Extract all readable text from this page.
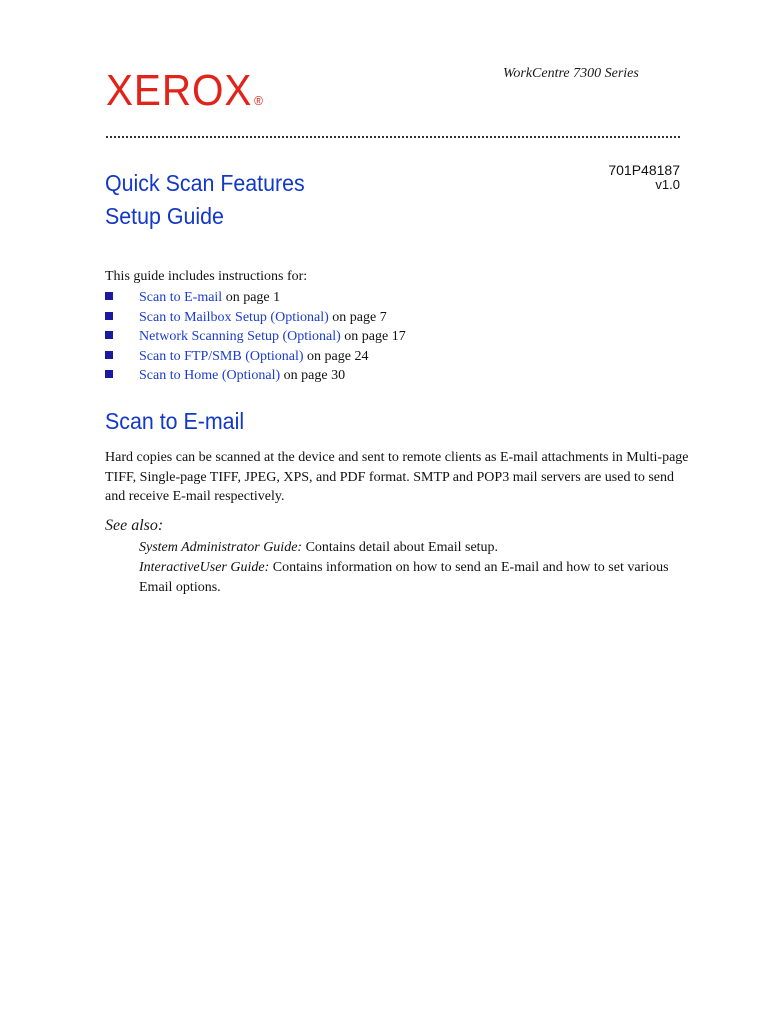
XEROX ®
WorkCentre 7300 Series
701P48187
v1.0
Quick Scan Features
Setup Guide
This guide includes instructions for:
Scan to E-mail on page 1
Scan to Mailbox Setup (Optional) on page 7
Network Scanning Setup (Optional) on page 17
Scan to FTP/SMB (Optional) on page 24
Scan to Home (Optional) on page 30
Scan to E-mail
Hard copies can be scanned at the device and sent to remote clients as E-mail attachments in Multi-page TIFF, Single-page TIFF, JPEG, XPS, and PDF format. SMTP and POP3 mail servers are used to send and receive E-mail respectively.
See also:
System Administrator Guide: Contains detail about Email setup.
InteractiveUser Guide: Contains information on how to send an E-mail and how to set various Email options.
